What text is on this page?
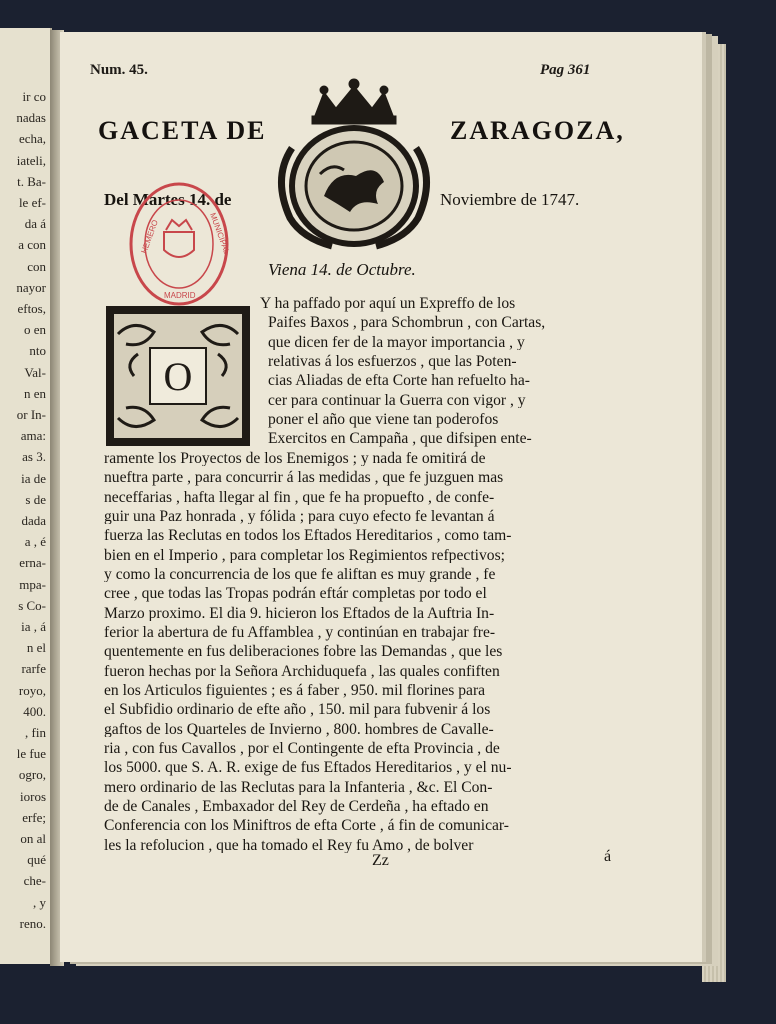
ir co
nadas
echa,
iateli,
t. Ba-
le ef-
da á
a con
con
nayor
eftos,
o en
nto
Val-
n en
or In-
ama:
as 3.
ia de
s de
dada
a , é
erna-
mpa-
s Co-
ia , á
n el
rarfe
royo,
400.
, fin
le fue
ogro,
ioros
erfe;
on al
qué
che-
, y
reno.
Num. 45.	Pag 361
GACETA DE	ZARAGOZA,
Del Martes 14. de	Noviembre de 1747.
HEMERO	MUNICIPAL
MADRID
Viena 14. de Octubre.
O
Y ha paffado por aquí un Expreffo de los
Paifes Baxos , para Schombrun , con Cartas,
que dicen fer de la mayor importancia , y
relativas á los esfuerzos , que las Poten-
cias Aliadas de efta Corte han refuelto ha-
cer para continuar la Guerra con vigor , y
poner el año que viene tan poderofos
Exercitos en Campaña , que difsipen ente-
ramente los Proyectos de los Enemigos ; y nada fe omitirá de
nueftra parte , para concurrir á las medidas , que fe juzguen mas
neceffarias , hafta llegar al fin , que fe ha propuefto , de confe-
guir una Paz honrada , y fólida ; para cuyo efecto fe levantan á
fuerza las Reclutas en todos los Eftados Hereditarios , como tam-
bien en el Imperio , para completar los Regimientos refpectivos;
y como la concurrencia de los que fe aliftan es muy grande , fe
cree , que todas las Tropas podrán eftár completas por todo el
Marzo proximo. El dia 9. hicieron los Eftados de la Auftria In-
ferior la abertura de fu Affamblea , y continúan en trabajar fre-
quentemente en fus deliberaciones fobre las Demandas , que les
fueron hechas por la Señora Archiduquefa , las quales confiften
en los Articulos figuientes ; es á faber , 950. mil florines para
el Subfidio ordinario de efte año , 150. mil para fubvenir á los
gaftos de los Quarteles de Invierno , 800. hombres de Cavalle-
ria , con fus Cavallos , por el Contingente de efta Provincia , de
los 5000. que S. A. R. exige de fus Eftados Hereditarios , y el nu-
mero ordinario de las Reclutas para la Infanteria , &c. El Con-
de de Canales , Embaxador del Rey de Cerdeña , ha eftado en
Conferencia con los Miniftros de efta Corte , á fin de comunicar-
les la refolucion , que ha tomado el Rey fu Amo , de bolver
Zz	á
